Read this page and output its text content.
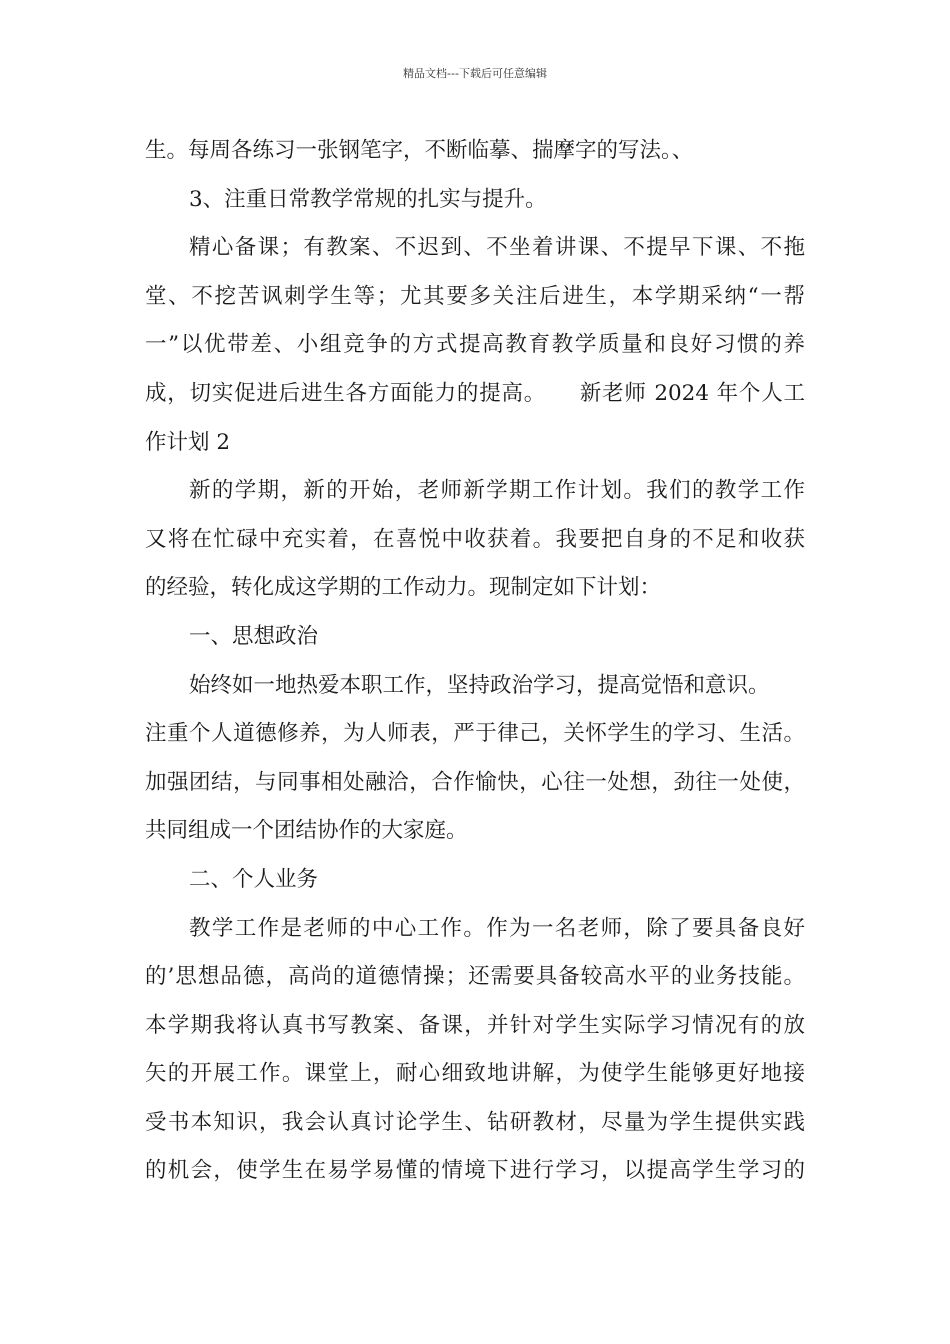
精品文档---下载后可任意编辑
生。每周各练习一张钢笔字，不断临摹、揣摩字的写法。、
3、注重日常教学常规的扎实与提升。
精心备课；有教案、不迟到、不坐着讲课、不提早下课、不拖
堂、不挖苦讽刺学生等；尤其要多关注后进生，本学期采纳“一帮
一”以优带差、小组竞争的方式提高教育教学质量和良好习惯的养
成，切实促进后进生各方面能力的提高。　　新老师 2024 年个人工
作计划 2
新的学期，新的开始，老师新学期工作计划。我们的教学工作
又将在忙碌中充实着，在喜悦中收获着。我要把自身的不足和收获
的经验，转化成这学期的工作动力。现制定如下计划：
一、思想政治
始终如一地热爱本职工作，坚持政治学习，提高觉悟和意识。
注重个人道德修养，为人师表，严于律己，关怀学生的学习、生活。
加强团结，与同事相处融洽，合作愉快，心往一处想，劲往一处使，
共同组成一个团结协作的大家庭。
二、个人业务
教学工作是老师的中心工作。作为一名老师，除了要具备良好
的’思想品德，高尚的道德情操；还需要具备较高水平的业务技能。
本学期我将认真书写教案、备课，并针对学生实际学习情况有的放
矢的开展工作。课堂上，耐心细致地讲解，为使学生能够更好地接
受书本知识，我会认真讨论学生、钻研教材，尽量为学生提供实践
的机会，使学生在易学易懂的情境下进行学习，以提高学生学习的
